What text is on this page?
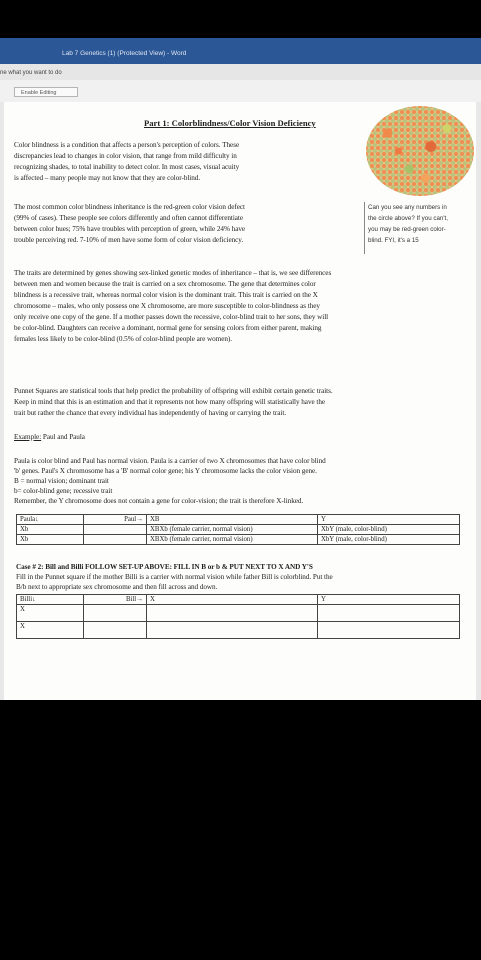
Lab 7 Genetics (1) (Protected View) - Word
ne what you want to do
Enable Editing
Part 1: Colorblindness/Color Vision Deficiency
Color blindness is a condition that affects a person's perception of colors. These
discrepancies lead to changes in color vision, that range from mild difficulty in
recognizing shades, to total inability to detect color. In most cases, visual acuity
is affected – many people may not know that they are color-blind.
The most common color blindness inheritance is the red-green color vision defect
(99% of cases). These people see colors differently and often cannot differentiate
between color hues; 75% have troubles with perception of green, while 24% have
trouble perceiving red. 7-10% of men have some form of color vision deficiency.
Can you see any numbers in
the circle above? If you can't,
you may be red-green color-
blind. FYI, it's a 15
The traits are determined by genes showing sex-linked genetic modes of inheritance – that is, we see differences
between men and women because the trait is carried on a sex chromosome. The gene that determines color
blindness is a recessive trait, whereas normal color vision is the dominant trait. This trait is carried on the X
chromosome – males, who only possess one X chromosome, are more susceptible to color-blindness as they
only receive one copy of the gene. If a mother passes down the recessive, color-blind trait to her sons, they will
be color-blind. Daughters can receive a dominant, normal gene for sensing colors from either parent, making
females less likely to be color-blind (0.5% of color-blind people are women).
Punnet Squares are statistical tools that help predict the probability of offspring will exhibit certain genetic traits.
Keep in mind that this is an estimation and that it represents not how many offspring will statistically have the
trait but rather the chance that every individual has independently of having or carrying the trait.
Example: Paul and Paula
Paula is color blind and Paul has normal vision. Paula is a carrier of two X chromosomes that have color blind
'b' genes. Paul's X chromosome has a 'B' normal color gene; his Y chromosome lacks the color vision gene.
B = normal vision; dominant trait
b= color-blind gene; recessive trait
Remember, the Y chromosome does not contain a gene for color-vision; the trait is therefore X-linked.
Paula↓	Paul→	XB	Y
Xb		XBXb (female carrier, normal vision)	XbY (male, color-blind)
Xb		XBXb (female carrier, normal vision)	XbY (male, color-blind)
Case # 2: Bill and Billi FOLLOW SET-UP ABOVE: FILL IN B or b & PUT NEXT TO X AND Y'S
Fill in the Punnet square if the mother Billi is a carrier with normal vision while father Bill is colorblind. Put the
B/b next to appropriate sex chromosome and then fill across and down.
Billi↓	Bill→	X	Y
X			
X			
